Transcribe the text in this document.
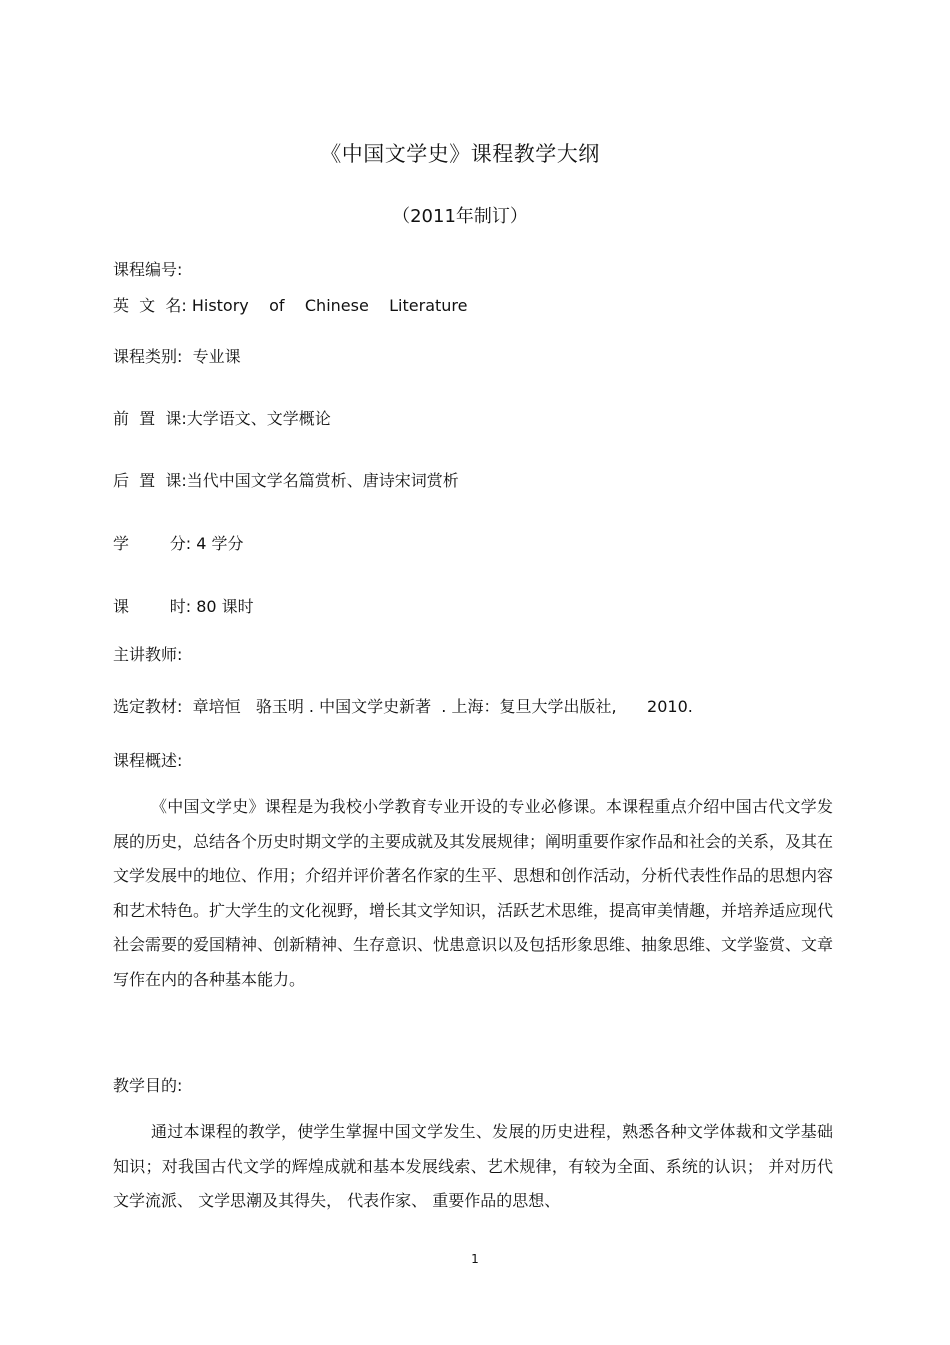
《中国文学史》课程教学大纲
（2011年制订）
课程编号:
英  文  名: History    of    Chinese    Literature
课程类别: 专业课
前  置  课:大学语文、文学概论
后  置  课:当代中国文学名篇赏析、唐诗宋词赏析
学        分: 4 学分
课        时: 80 课时
主讲教师:
选定教材: 章培恒   骆玉明 . 中国文学史新著  . 上海：复旦大学出版社,      2010.
课程概述:
《中国文学史》课程是为我校小学教育专业开设的专业必修课。本课程重点介绍中国古代文学发展的历史，总结各个历史时期文学的主要成就及其发展规律；阐明重要作家作品和社会的关系，及其在文学发展中的地位、作用；介绍并评价著名作家的生平、思想和创作活动，分析代表性作品的思想内容和艺术特色。扩大学生的文化视野，增长其文学知识，活跃艺术思维，提高审美情趣，并培养适应现代社会需要的爱国精神、创新精神、生存意识、忧患意识以及包括形象思维、抽象思维、文学鉴赏、文章写作在内的各种基本能力。
教学目的:
通过本课程的教学，使学生掌握中国文学发生、发展的历史进程，熟悉各种文学体裁和文学基础知识；对我国古代文学的辉煌成就和基本发展线索、艺术规律，有较为全面、系统的认识； 并对历代文学流派、 文学思潮及其得失， 代表作家、 重要作品的思想、
1
